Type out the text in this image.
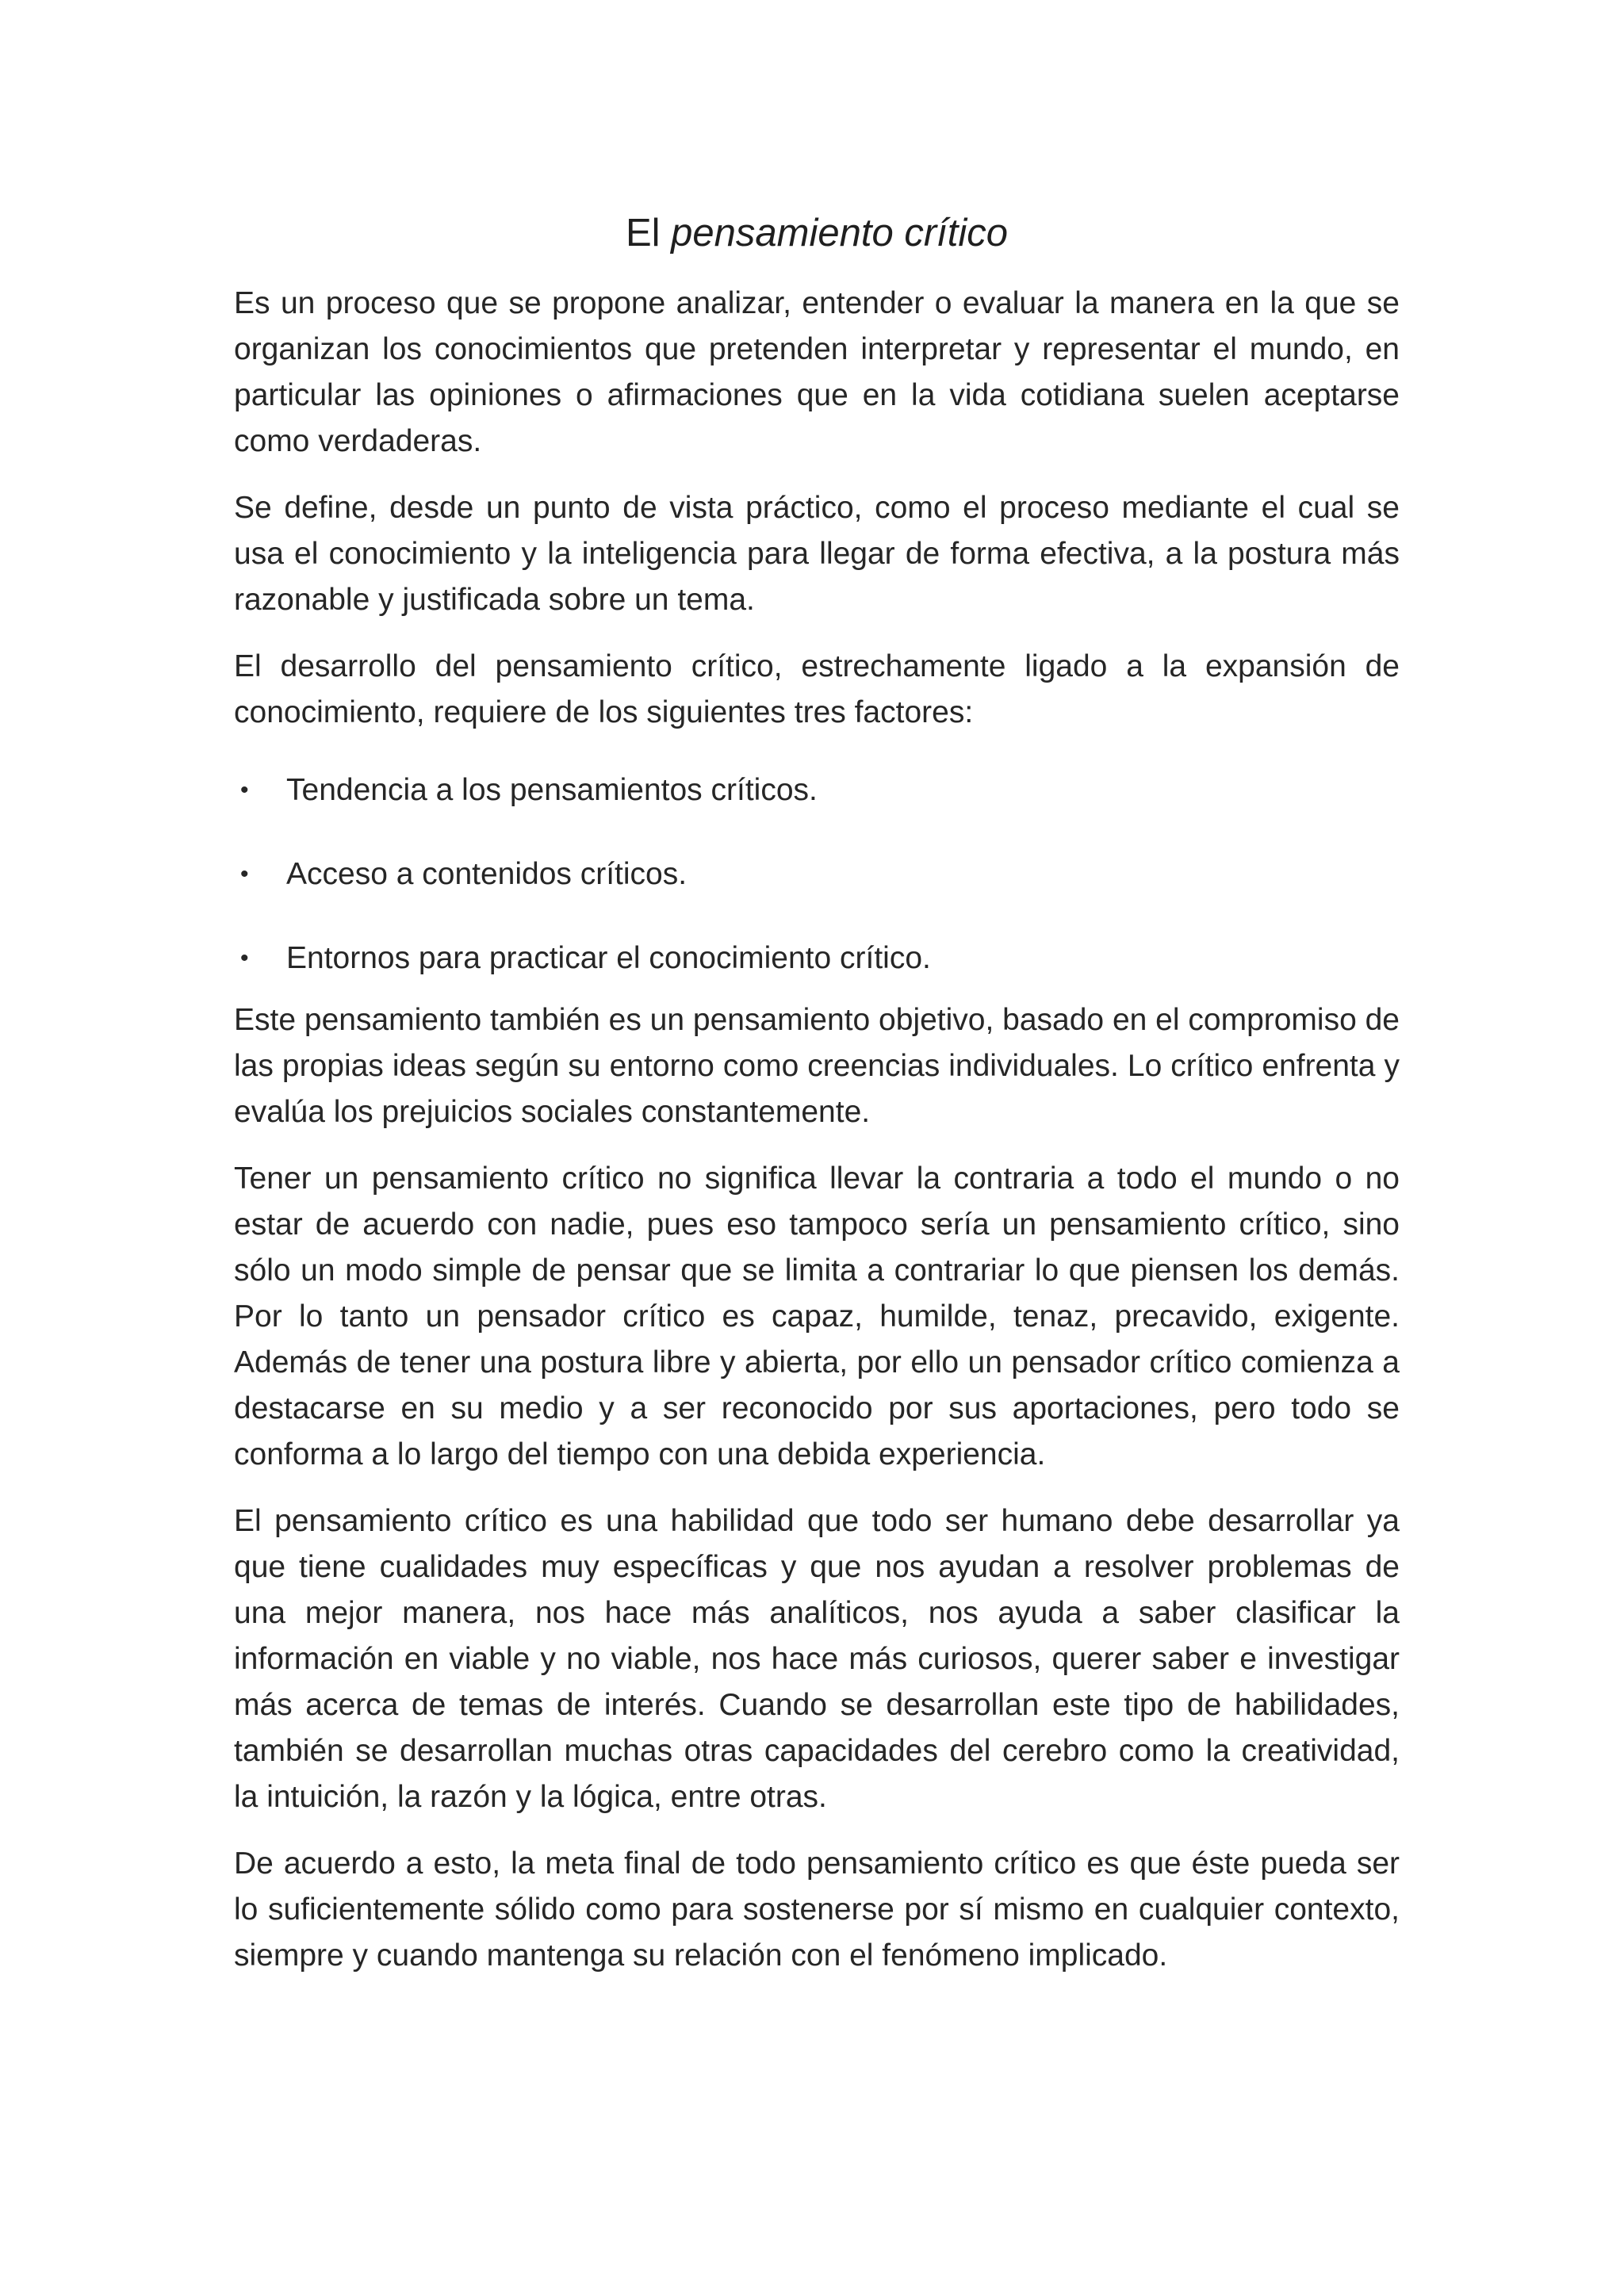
El pensamiento crítico

Es un proceso que se propone analizar, entender o evaluar la manera en la que se organizan los conocimientos que pretenden interpretar y representar el mundo, en particular las opiniones o afirmaciones que en la vida cotidiana suelen aceptarse como verdaderas.

Se define, desde un punto de vista práctico, como el proceso mediante el cual se usa el conocimiento y la inteligencia para llegar de forma efectiva, a la postura más razonable y justificada sobre un tema.

El desarrollo del pensamiento crítico, estrechamente ligado a la expansión de conocimiento, requiere de los siguientes tres factores:

• Tendencia a los pensamientos críticos.
• Acceso a contenidos críticos.
• Entornos para practicar el conocimiento crítico.

Este pensamiento también es un pensamiento objetivo, basado en el compromiso de las propias ideas según su entorno como creencias individuales. Lo crítico enfrenta y evalúa los prejuicios sociales constantemente.

Tener un pensamiento crítico no significa llevar la contraria a todo el mundo o no estar de acuerdo con nadie, pues eso tampoco sería un pensamiento crítico, sino sólo un modo simple de pensar que se limita a contrariar lo que piensen los demás. Por lo tanto un pensador crítico es capaz, humilde, tenaz, precavido, exigente. Además de tener una postura libre y abierta, por ello un pensador crítico comienza a destacarse en su medio y a ser reconocido por sus aportaciones, pero todo se conforma a lo largo del tiempo con una debida experiencia.

El pensamiento crítico es una habilidad que todo ser humano debe desarrollar ya que tiene cualidades muy específicas y que nos ayudan a resolver problemas de una mejor manera, nos hace más analíticos, nos ayuda a saber clasificar la información en viable y no viable, nos hace más curiosos, querer saber e investigar más acerca de temas de interés. Cuando se desarrollan este tipo de habilidades, también se desarrollan muchas otras capacidades del cerebro como la creatividad, la intuición, la razón y la lógica, entre otras.

De acuerdo a esto, la meta final de todo pensamiento crítico es que éste pueda ser lo suficientemente sólido como para sostenerse por sí mismo en cualquier contexto, siempre y cuando mantenga su relación con el fenómeno implicado.
